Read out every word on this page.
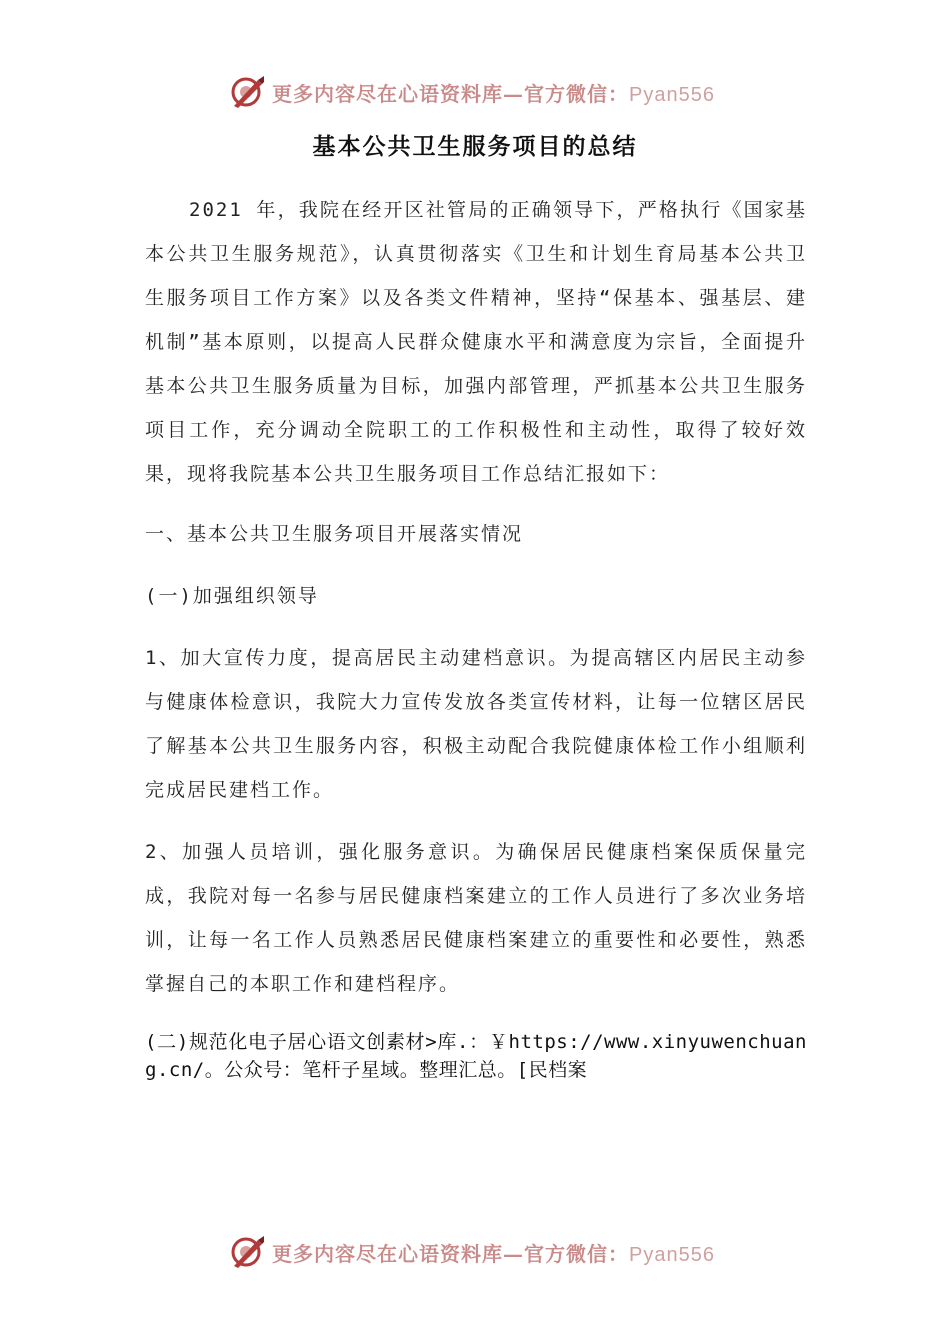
更多内容尽在心语资料库—官方微信：Pyan556
基本公共卫生服务项目的总结

2021 年，我院在经开区社管局的正确领导下，严格执行《国家基本公共卫生服务规范》，认真贯彻落实《卫生和计划生育局基本公共卫生服务项目工作方案》以及各类文件精神，坚持“保基本、强基层、建机制”基本原则，以提高人民群众健康水平和满意度为宗旨，全面提升基本公共卫生服务质量为目标，加强内部管理，严抓基本公共卫生服务项目工作，充分调动全院职工的工作积极性和主动性，取得了较好效果，现将我院基本公共卫生服务项目工作总结汇报如下：

一、基本公共卫生服务项目开展落实情况

(一)加强组织领导

1、加大宣传力度，提高居民主动建档意识。为提高辖区内居民主动参与健康体检意识，我院大力宣传发放各类宣传材料，让每一位辖区居民了解基本公共卫生服务内容，积极主动配合我院健康体检工作小组顺利完成居民建档工作。

2、加强人员培训，强化服务意识。为确保居民健康档案保质保量完成，我院对每一名参与居民健康档案建立的工作人员进行了多次业务培训，让每一名工作人员熟悉居民健康档案建立的重要性和必要性，熟悉掌握自己的本职工作和建档程序。

(二)规范化电子居心语文创素材>库.：￥https://www.xinyuwenchuang.cn/。公众号：笔杆子星域。整理汇总。[民档案

更多内容尽在心语资料库—官方微信：Pyan556
